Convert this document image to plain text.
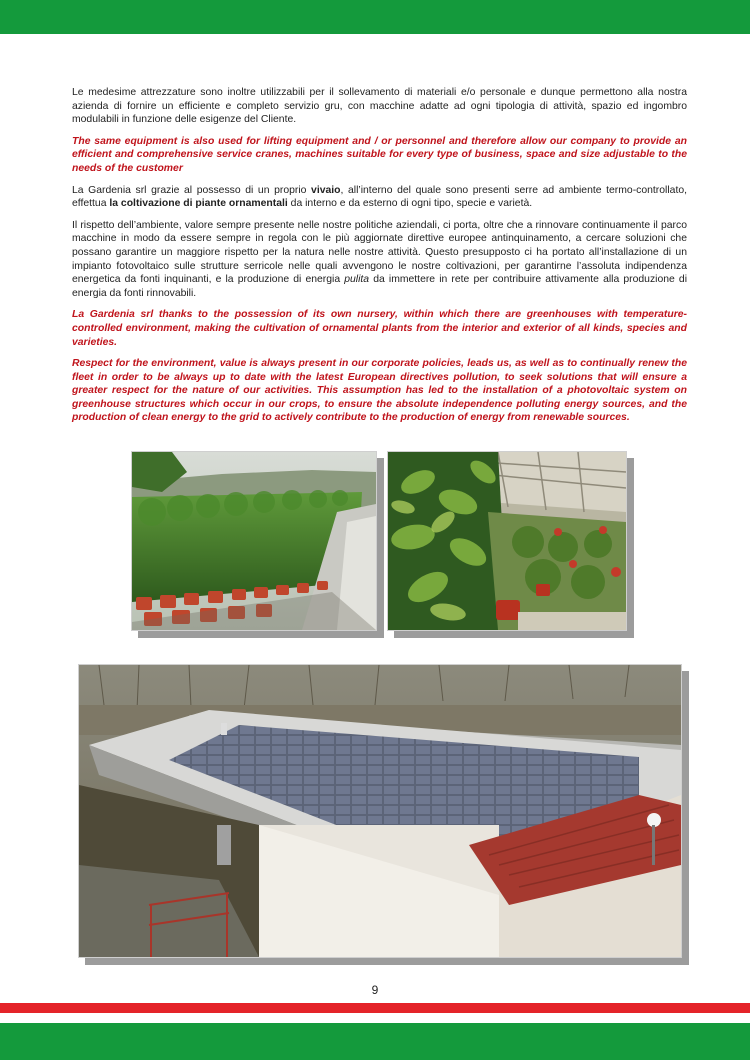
Le medesime attrezzature sono inoltre utilizzabili per il sollevamento di materiali e/o personale e dunque permettono alla nostra azienda di fornire un efficiente e completo servizio gru, con macchine adatte ad ogni tipologia di attività, spazio ed ingombro modulabili in funzione delle esigenze del Cliente.

The same equipment is also used for lifting equipment and / or personnel and therefore allow our company to provide an efficient and comprehensive service cranes, machines suitable for every type of business, space and size adjustable to the needs of the customer

La Gardenia srl grazie al possesso di un proprio vivaio, all’interno del quale sono presenti serre ad ambiente termo-controllato, effettua la coltivazione di piante ornamentali da interno e da esterno di ogni tipo, specie e varietà.

Il rispetto dell’ambiente, valore sempre presente nelle nostre politiche aziendali, ci porta, oltre che a rinnovare continuamente il parco macchine in modo da essere sempre in regola con le più aggiornate direttive europee antinquinamento, a cercare soluzioni che possano garantire un maggiore rispetto per la natura nelle nostre attività. Questo presupposto ci ha portato all’installazione di un impianto fotovoltaico sulle strutture serricole nelle quali avvengono le nostre coltivazioni, per garantirne l’assoluta indipendenza energetica da fonti inquinanti, e la produzione di energia pulita da immettere in rete per contribuire attivamente alla produzione di energia da fonti rinnovabili.

La Gardenia srl thanks to the possession of its own nursery, within which there are greenhouses with temperature-controlled environment, making the cultivation of ornamental plants from the interior and exterior of all kinds, species and varieties.

Respect for the environment, value is always present in our corporate policies, leads us, as well as to continually renew the fleet in order to be always up to date with the latest European directives pollution, to seek solutions that will ensure a greater respect for the nature of our activities. This assumption has led to the installation of a photovoltaic system on greenhouse structures which occur in our crops, to ensure the absolute independence polluting energy sources, and the production of clean energy to the grid to actively contribute to the production of energy from renewable sources.

9
